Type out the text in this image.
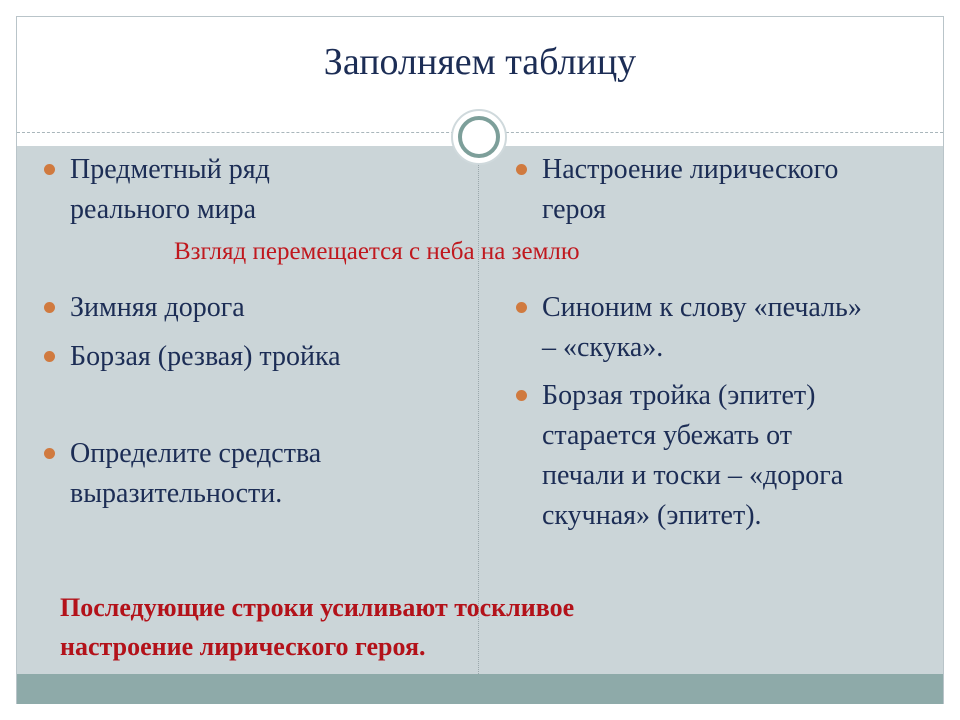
Заполняем таблицу
Предметный ряд
реального мира
Настроение лирического
героя
Взгляд перемещается с неба на землю
Зимняя дорога
Борзая (резвая) тройка
Определите средства
выразительности.
Синоним к слову «печаль»
– «скука».
Борзая тройка (эпитет)
старается убежать от
печали и тоски – «дорога
скучная» (эпитет).
Последующие строки усиливают тоскливое
настроение лирического героя.
